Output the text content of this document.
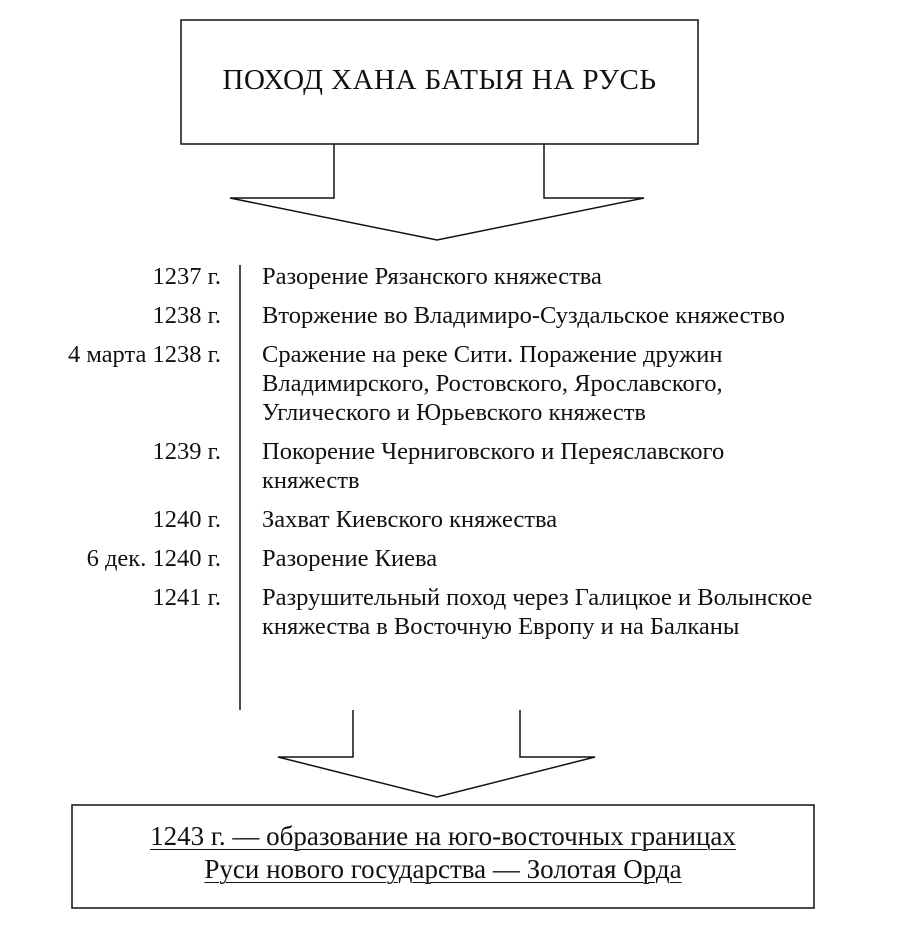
ПОХОД ХАНА БАТЫЯ НА РУСЬ
1237 г. Разорение Рязанского княжества
1238 г. Вторжение во Владимиро-Суздальское княжество
4 марта 1238 г. Сражение на реке Сити. Поражение дружин Владимирского, Ростовского, Ярославского, Углического и Юрьевского княжеств
1239 г. Покорение Черниговского и Переяславского княжеств
1240 г. Захват Киевского княжества
6 дек. 1240 г. Разорение Киева
1241 г. Разрушительный поход через Галицкое и Волынское княжества в Восточную Европу и на Балканы
1243 г. — образование на юго-восточных границах
Руси нового государства — Золотая Орда
